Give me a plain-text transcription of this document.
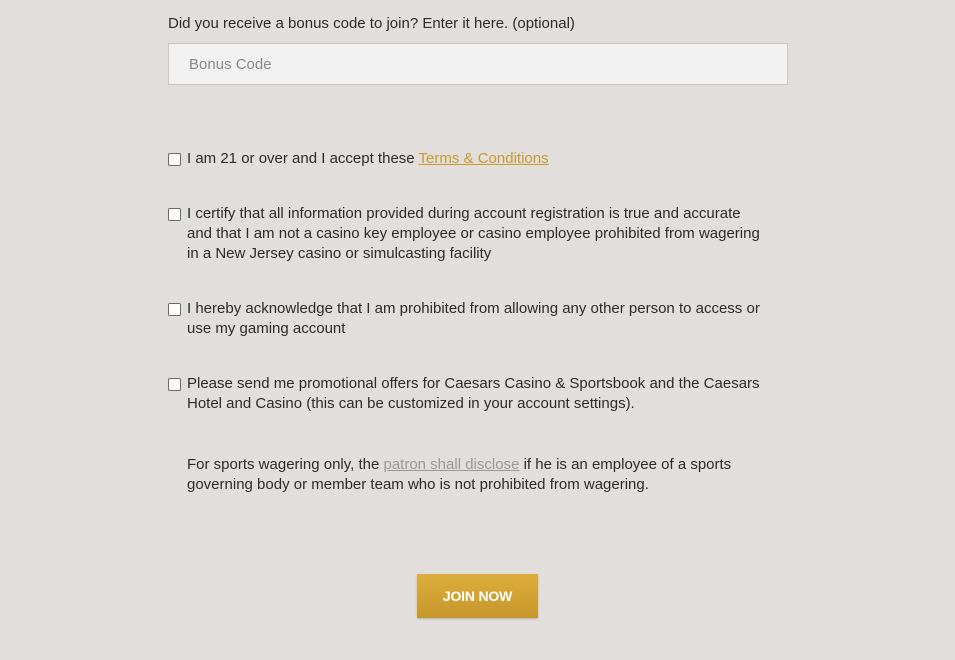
Did you receive a bonus code to join? Enter it here. (optional)
Bonus Code
I am 21 or over and I accept these Terms & Conditions
I certify that all information provided during account registration is true and accurate and that I am not a casino key employee or casino employee prohibited from wagering in a New Jersey casino or simulcasting facility
I hereby acknowledge that I am prohibited from allowing any other person to access or use my gaming account
Please send me promotional offers for Caesars Casino & Sportsbook and the Caesars Hotel and Casino (this can be customized in your account settings).
For sports wagering only, the patron shall disclose if he is an employee of a sports governing body or member team who is not prohibited from wagering.
JOIN NOW
